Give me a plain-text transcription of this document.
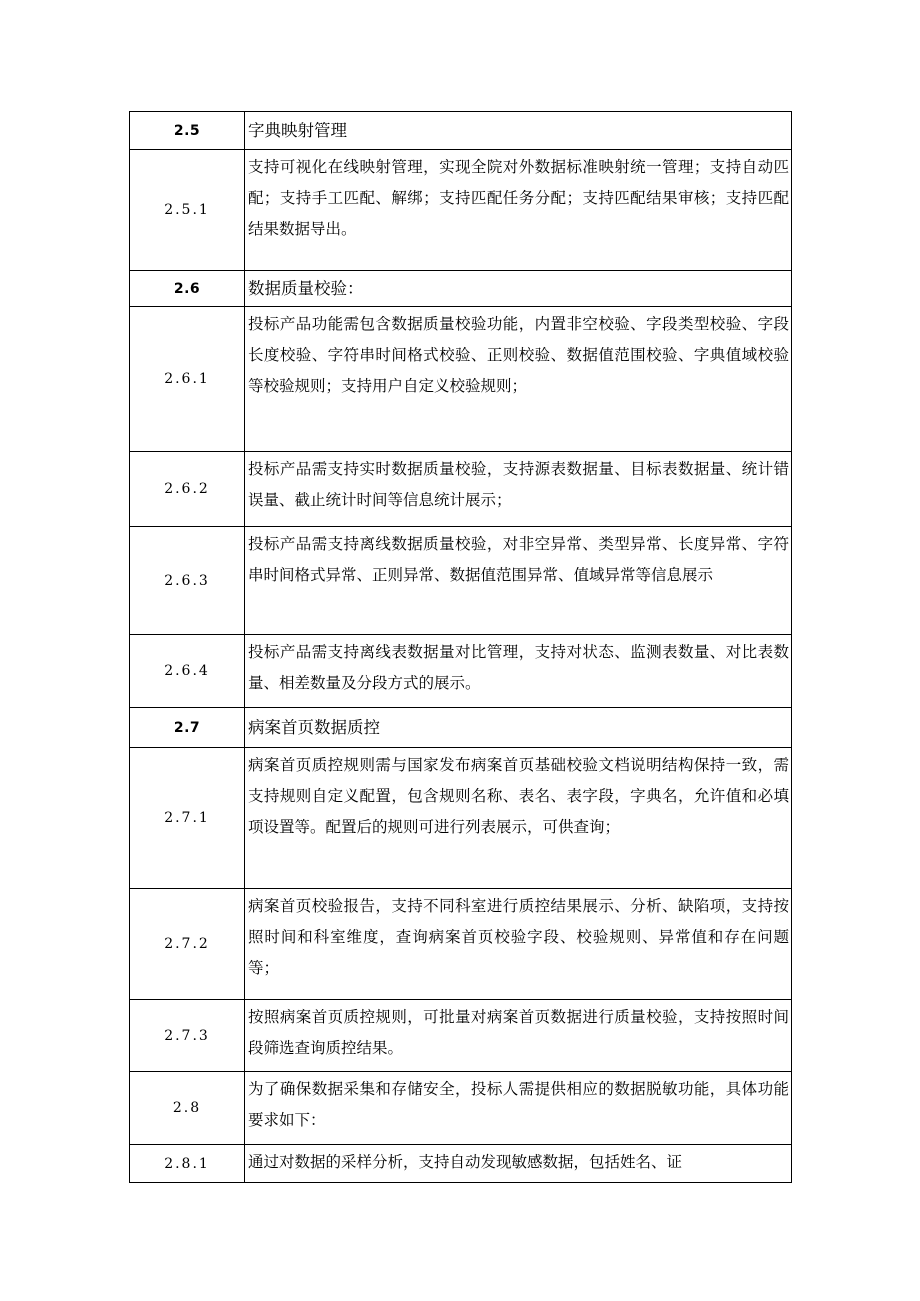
2.5	字典映射管理
2.5.1	支持可视化在线映射管理，实现全院对外数据标准映射统一管理；支持自动匹配；支持手工匹配、解绑；支持匹配任务分配；支持匹配结果审核；支持匹配结果数据导出。

2.6	数据质量校验：
2.6.1	投标产品功能需包含数据质量校验功能，内置非空校验、字段类型校验、字段长度校验、字符串时间格式校验、正则校验、数据值范围校验、字典值域校验等校验规则；支持用户自定义校验规则；

2.6.2	投标产品需支持实时数据质量校验，支持源表数据量、目标表数据量、统计错误量、截止统计时间等信息统计展示；

2.6.3	投标产品需支持离线数据质量校验，对非空异常、类型异常、长度异常、字符串时间格式异常、正则异常、数据值范围异常、值域异常等信息展示

2.6.4	投标产品需支持离线表数据量对比管理，支持对状态、监测表数量、对比表数量、相差数量及分段方式的展示。

2.7	病案首页数据质控
2.7.1	病案首页质控规则需与国家发布病案首页基础校验文档说明结构保持一致，需支持规则自定义配置，包含规则名称、表名、表字段，字典名，允许值和必填项设置等。配置后的规则可进行列表展示，可供查询；

2.7.2	病案首页校验报告，支持不同科室进行质控结果展示、分析、缺陷项，支持按照时间和科室维度，查询病案首页校验字段、校验规则、异常值和存在问题等；

2.7.3	按照病案首页质控规则，可批量对病案首页数据进行质量校验，支持按照时间段筛选查询质控结果。

2.8	为了确保数据采集和存储安全，投标人需提供相应的数据脱敏功能，具体功能要求如下：

2.8.1	通过对数据的采样分析，支持自动发现敏感数据，包括姓名、证
